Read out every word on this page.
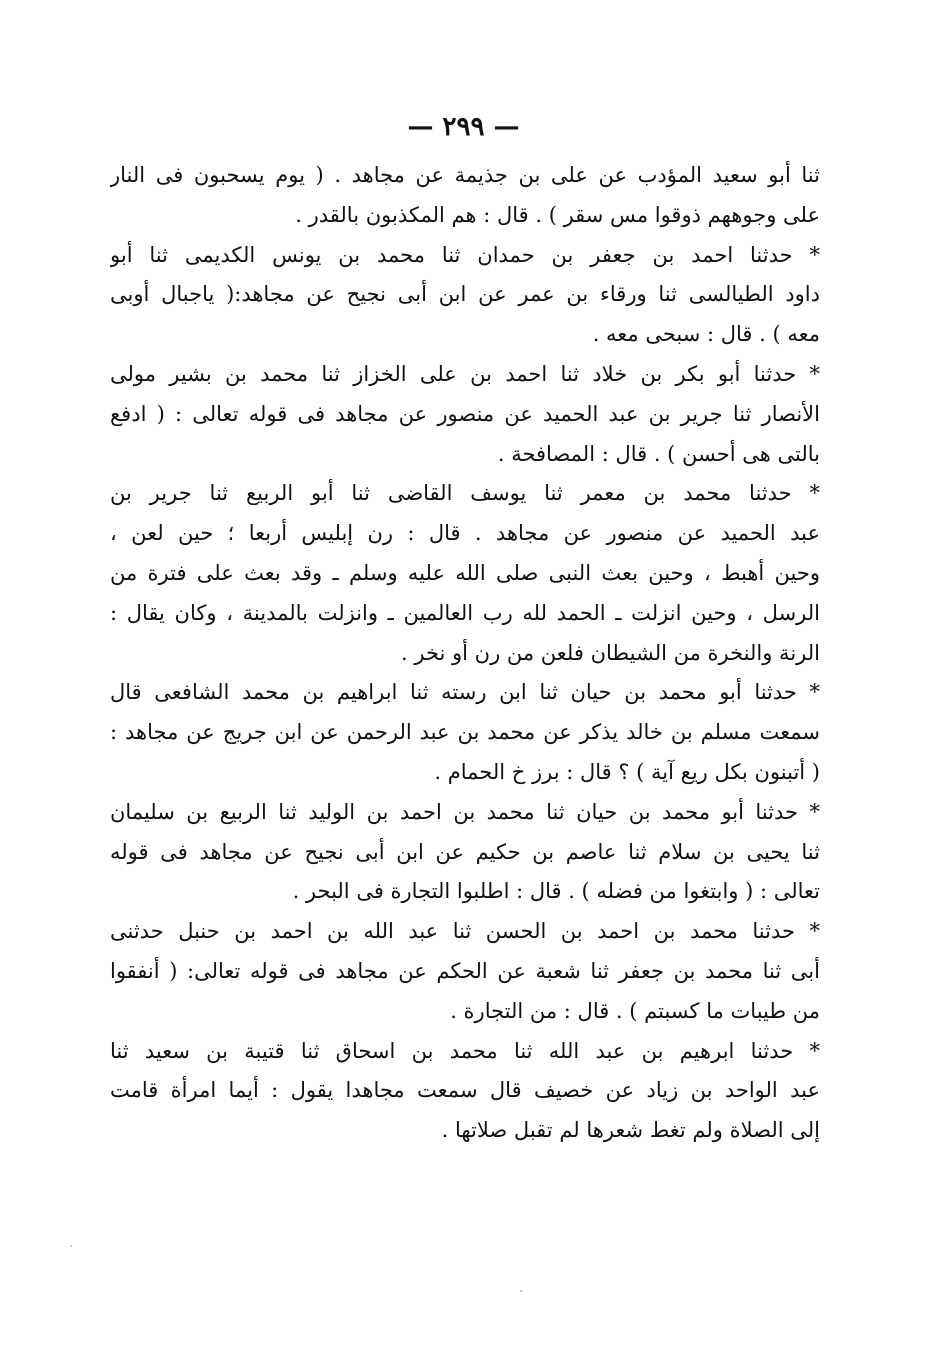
— ٢٩٩ —
ثنا أبو سعيد المؤدب عن على بن جذيمة عن مجاهد . ( يوم يسحبون فى النار
على وجوههم ذوقوا مس سقر ) . قال : هم المكذبون بالقدر .
* حدثنا احمد بن جعفر بن حمدان ثنا محمد بن يونس الكديمى ثنا أبو
داود الطيالسى ثنا ورقاء بن عمر عن ابن أبى نجيح عن مجاهد:( ياجبال أوبى
معه ) . قال : سبحى معه .
* حدثنا أبو بكر بن خلاد ثنا احمد بن على الخزاز ثنا محمد بن بشير مولى
الأنصار ثنا جرير بن عبد الحميد عن منصور عن مجاهد فى قوله تعالى : ( ادفع
بالتى هى أحسن ) . قال : المصافحة .
* حدثنا محمد بن معمر ثنا يوسف القاضى ثنا أبو الربيع ثنا جرير بن
عبد الحميد عن منصور عن مجاهد . قال : رن إبليس أربعا ؛ حين لعن ،
وحين أهبط ، وحين بعث النبى صلى الله عليه وسلم ـ وقد بعث على فترة من
الرسل ، وحين انزلت ـ الحمد لله رب العالمين ـ وانزلت بالمدينة ، وكان يقال :
الرنة والنخرة من الشيطان فلعن من رن أو نخر .
* حدثنا أبو محمد بن حيان ثنا ابن رسته ثنا ابراهيم بن محمد الشافعى قال
سمعت مسلم بن خالد يذكر عن محمد بن عبد الرحمن عن ابن جريج عن مجاهد :
( أتبنون بكل ريع آية ) ؟ قال : برز خ الحمام .
* حدثنا أبو محمد بن حيان ثنا محمد بن احمد بن الوليد ثنا الربيع بن سليمان
ثنا يحيى بن سلام ثنا عاصم بن حكيم عن ابن أبى نجيح عن مجاهد فى قوله
تعالى : ( وابتغوا من فضله ) . قال : اطلبوا التجارة فى البحر .
* حدثنا محمد بن احمد بن الحسن ثنا عبد الله بن احمد بن حنبل حدثنى
أبى ثنا محمد بن جعفر ثنا شعبة عن الحكم عن مجاهد فى قوله تعالى: ( أنفقوا
من طيبات ما كسبتم ) . قال : من التجارة .
* حدثنا ابرهيم بن عبد الله ثنا محمد بن اسحاق ثنا قتيبة بن سعيد ثنا
عبد الواحد بن زياد عن خصيف قال سمعت مجاهدا يقول : أيما امرأة قامت
إلى الصلاة ولم تغط شعرها لم تقبل صلاتها .
